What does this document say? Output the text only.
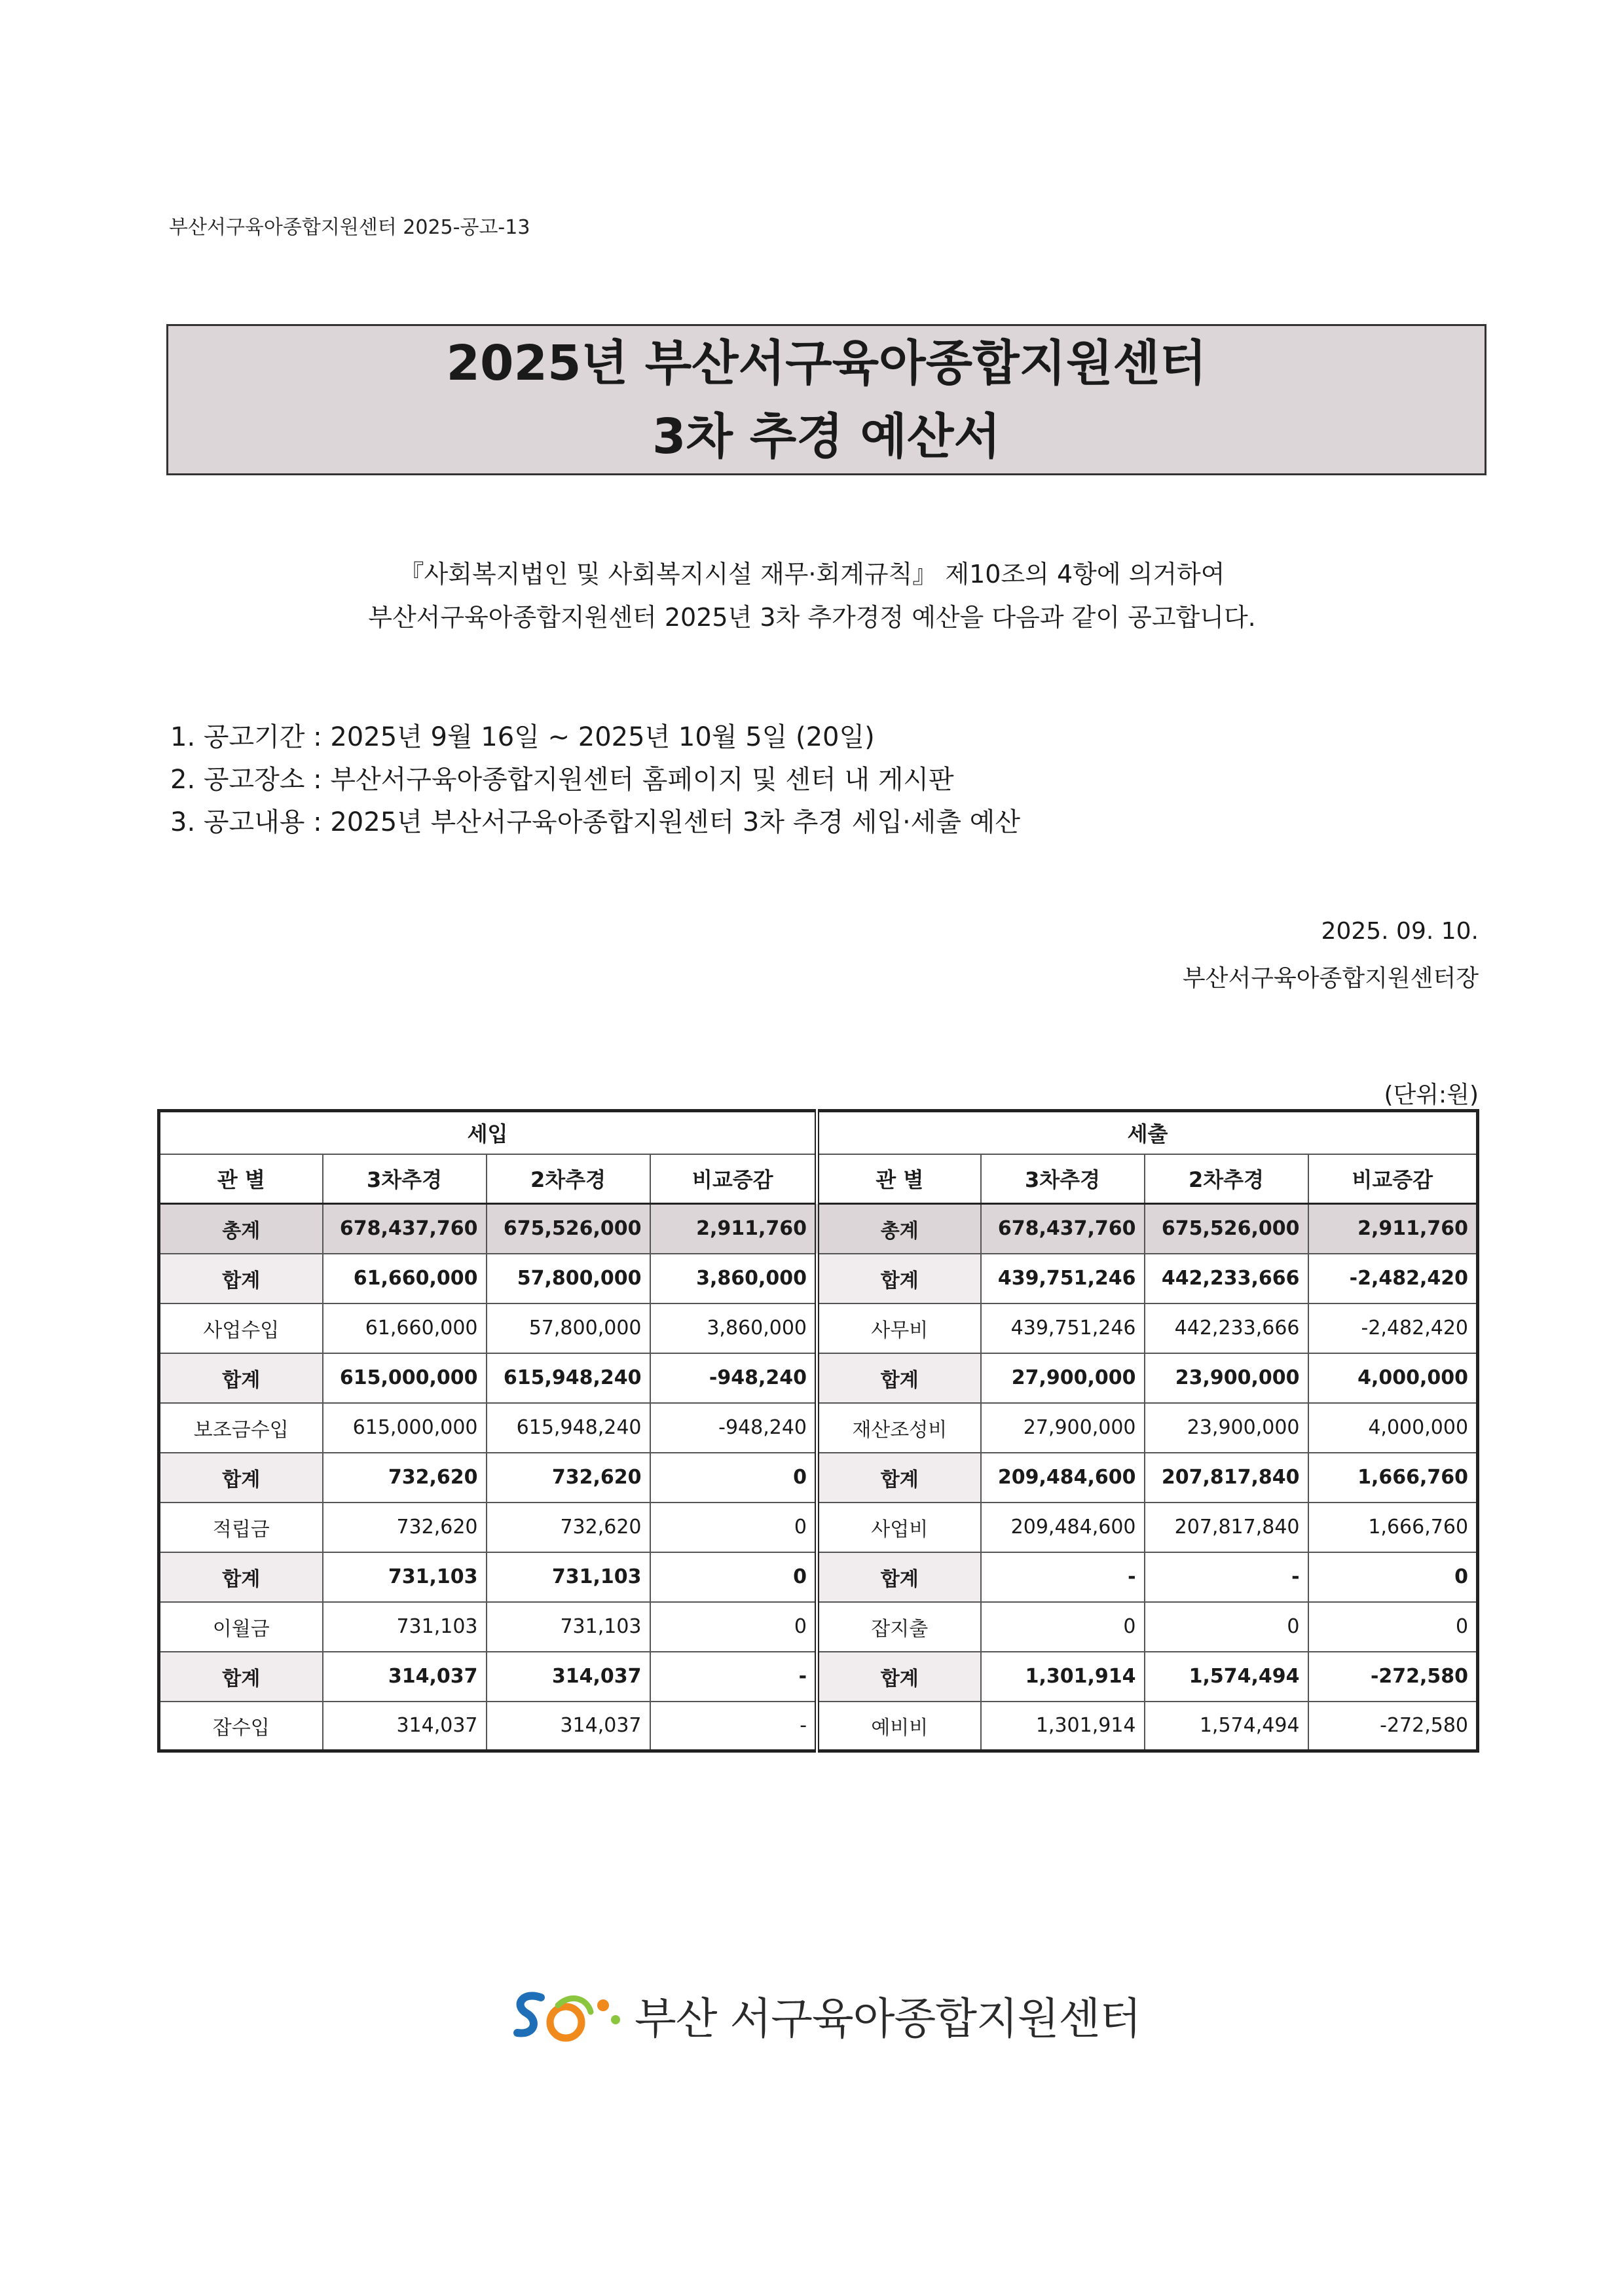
부산서구육아종합지원센터 2025-공고-13
2025년 부산서구육아종합지원센터
3차 추경 예산서
『사회복지법인 및 사회복지시설 재무·회계규칙』 제10조의 4항에 의거하여
부산서구육아종합지원센터 2025년 3차 추가경정 예산을 다음과 같이 공고합니다.
1. 공고기간 : 2025년 9월 16일 ~ 2025년 10월 5일 (20일)
2. 공고장소 : 부산서구육아종합지원센터 홈페이지 및 센터 내 게시판
3. 공고내용 : 2025년 부산서구육아종합지원센터 3차 추경 세입·세출 예산
2025. 09. 10.
부산서구육아종합지원센터장
(단위:원)
세입				세출			
관 별	3차추경	2차추경	비교증감	관 별	3차추경	2차추경	비교증감
총계	678,437,760	675,526,000	2,911,760	총계	678,437,760	675,526,000	2,911,760
합계	61,660,000	57,800,000	3,860,000	합계	439,751,246	442,233,666	-2,482,420
사업수입	61,660,000	57,800,000	3,860,000	사무비	439,751,246	442,233,666	-2,482,420
합계	615,000,000	615,948,240	-948,240	합계	27,900,000	23,900,000	4,000,000
보조금수입	615,000,000	615,948,240	-948,240	재산조성비	27,900,000	23,900,000	4,000,000
합계	732,620	732,620	0	합계	209,484,600	207,817,840	1,666,760
적립금	732,620	732,620	0	사업비	209,484,600	207,817,840	1,666,760
합계	731,103	731,103	0	합계	-	-	0
이월금	731,103	731,103	0	잡지출	0	0	0
합계	314,037	314,037	-	합계	1,301,914	1,574,494	-272,580
잡수입	314,037	314,037	-	예비비	1,301,914	1,574,494	-272,580
부산 서구육아종합지원센터
